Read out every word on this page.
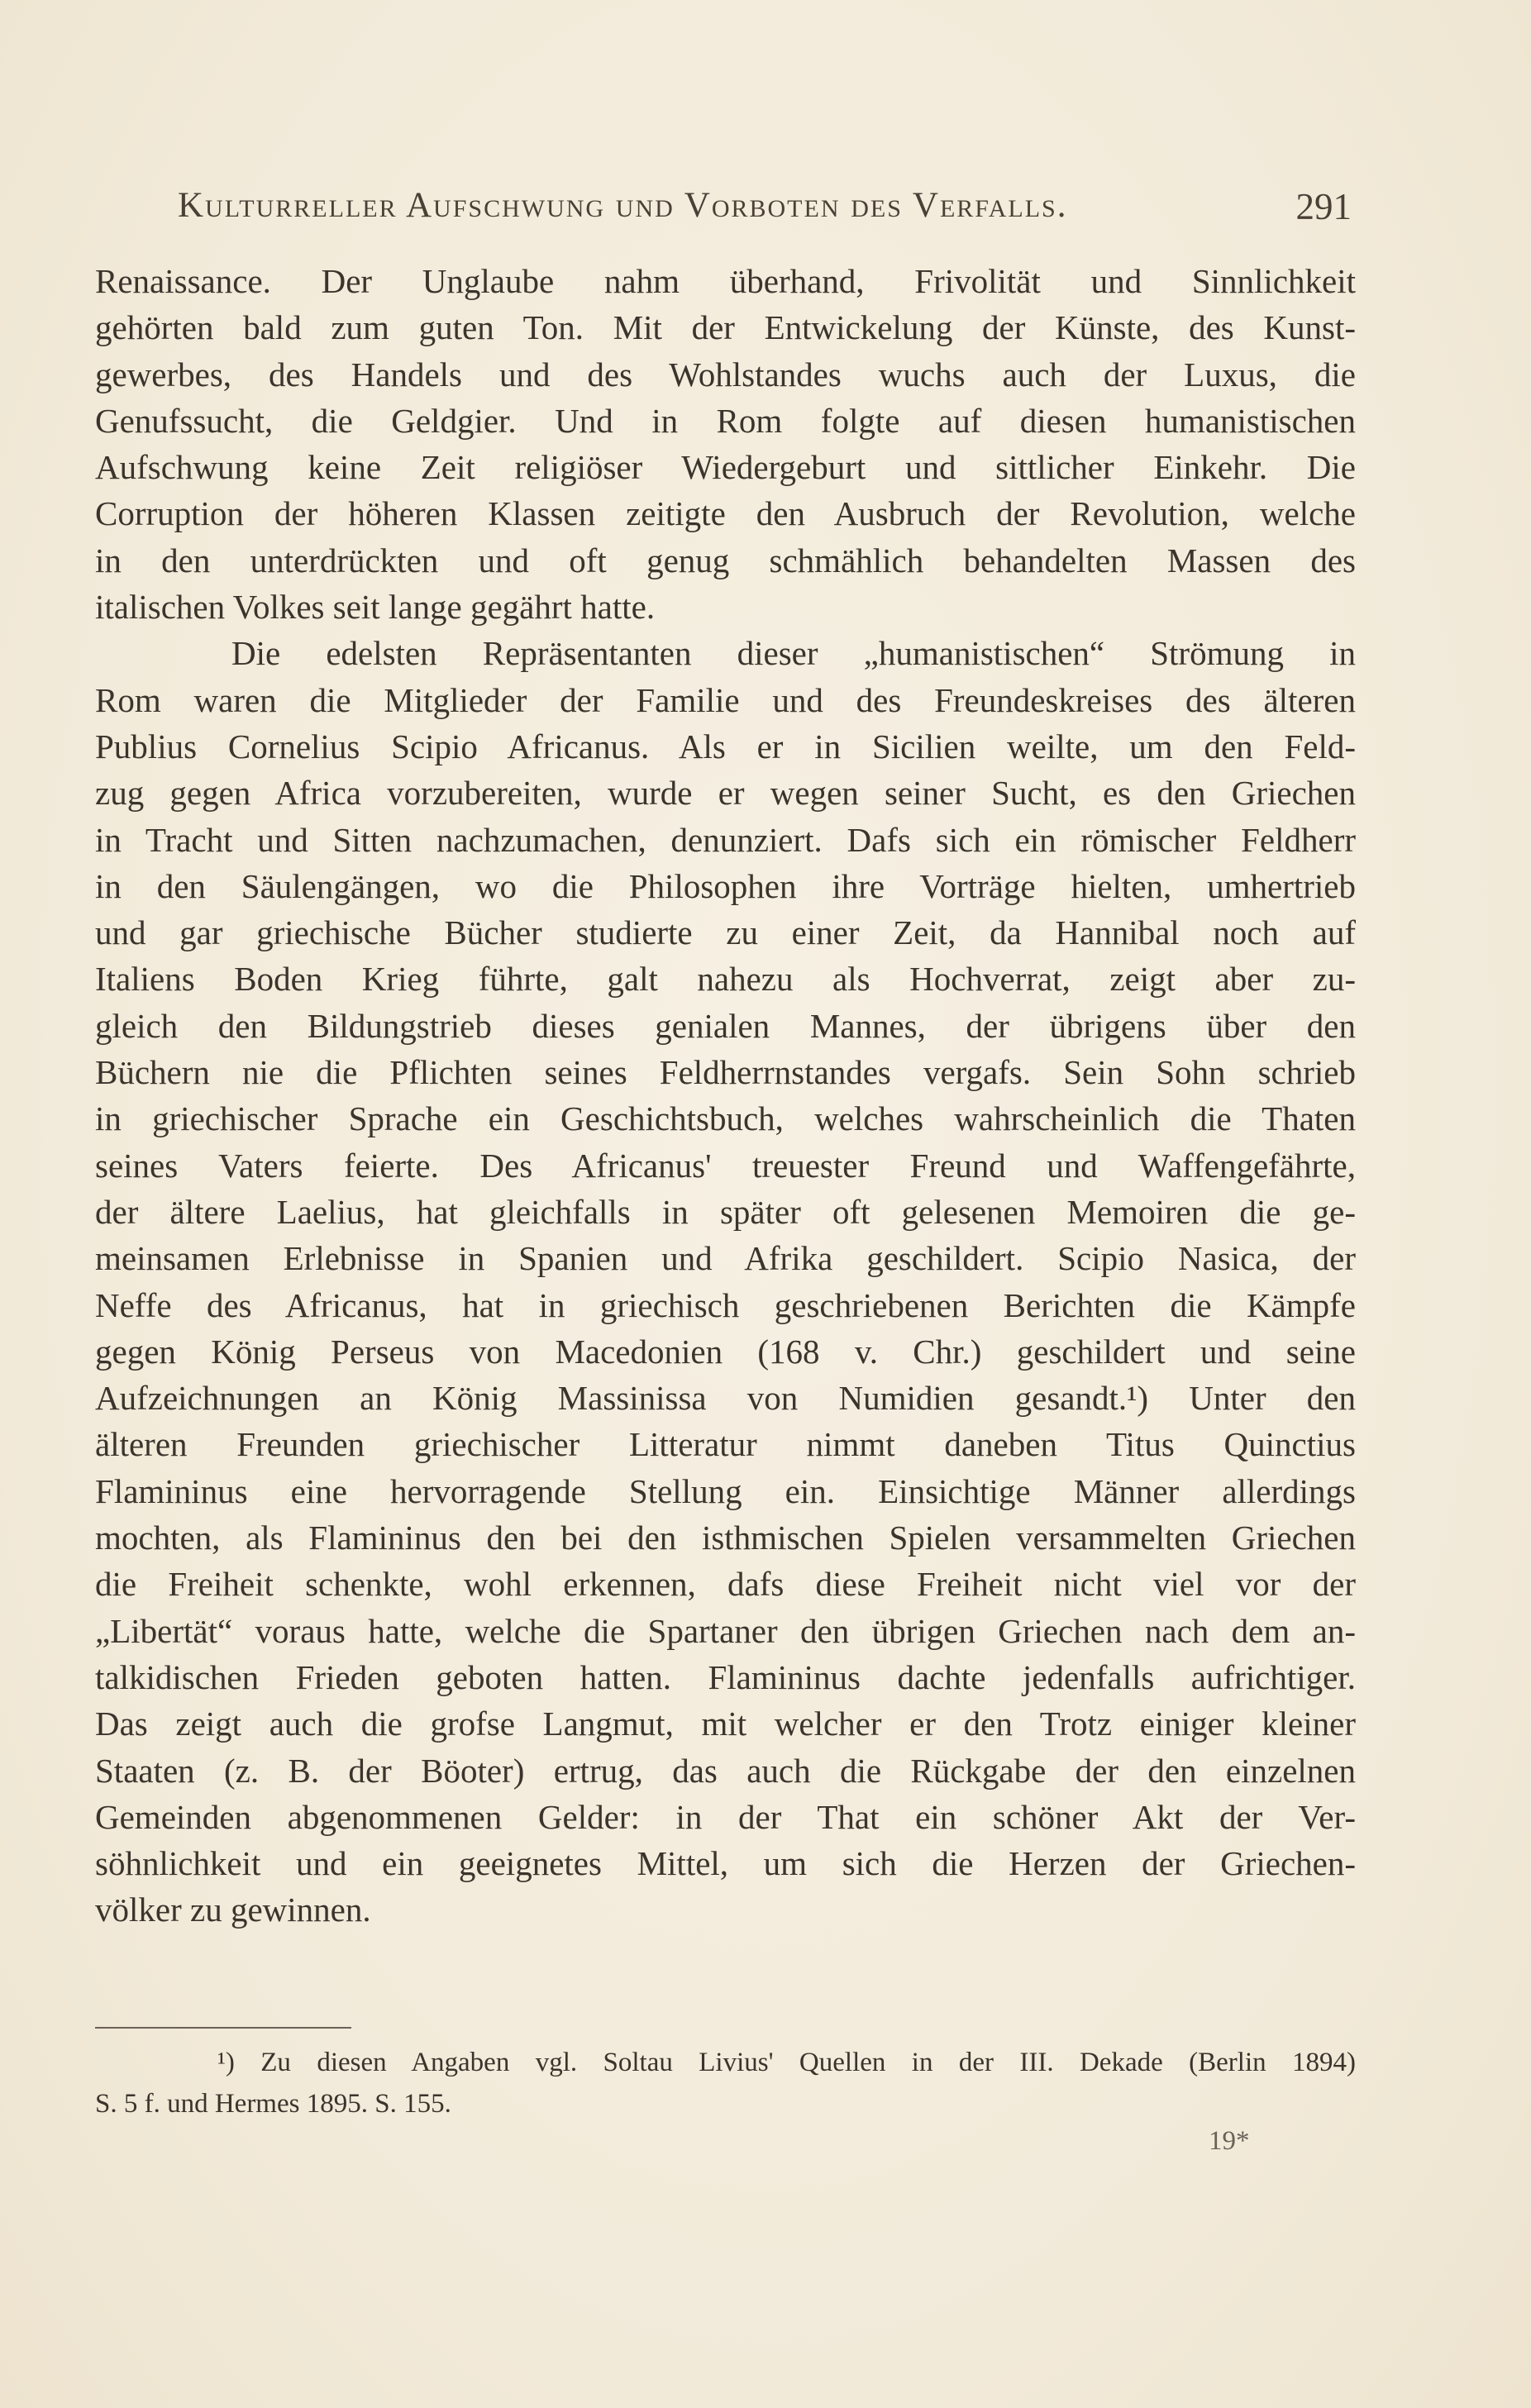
Kulturreller Aufschwung und Vorboten des Verfalls.	291
Renaissance. Der Unglaube nahm überhand, Frivolität und Sinnlichkeit
gehörten bald zum guten Ton. Mit der Entwickelung der Künste, des Kunst-
gewerbes, des Handels und des Wohlstandes wuchs auch der Luxus, die
Genufssucht, die Geldgier. Und in Rom folgte auf diesen humanistischen
Aufschwung keine Zeit religiöser Wiedergeburt und sittlicher Einkehr. Die
Corruption der höheren Klassen zeitigte den Ausbruch der Revolution, welche
in den unterdrückten und oft genug schmählich behandelten Massen des
italischen Volkes seit lange gegährt hatte.
Die edelsten Repräsentanten dieser „humanistischen“ Strömung in
Rom waren die Mitglieder der Familie und des Freundeskreises des älteren
Publius Cornelius Scipio Africanus. Als er in Sicilien weilte, um den Feld-
zug gegen Africa vorzubereiten, wurde er wegen seiner Sucht, es den Griechen
in Tracht und Sitten nachzumachen, denunziert. Dafs sich ein römischer Feldherr
in den Säulengängen, wo die Philosophen ihre Vorträge hielten, umhertrieb
und gar griechische Bücher studierte zu einer Zeit, da Hannibal noch auf
Italiens Boden Krieg führte, galt nahezu als Hochverrat, zeigt aber zu-
gleich den Bildungstrieb dieses genialen Mannes, der übrigens über den
Büchern nie die Pflichten seines Feldherrnstandes vergafs. Sein Sohn schrieb
in griechischer Sprache ein Geschichtsbuch, welches wahrscheinlich die Thaten
seines Vaters feierte. Des Africanus' treuester Freund und Waffengefährte,
der ältere Laelius, hat gleichfalls in später oft gelesenen Memoiren die ge-
meinsamen Erlebnisse in Spanien und Afrika geschildert. Scipio Nasica, der
Neffe des Africanus, hat in griechisch geschriebenen Berichten die Kämpfe
gegen König Perseus von Macedonien (168 v. Chr.) geschildert und seine
Aufzeichnungen an König Massinissa von Numidien gesandt.¹) Unter den
älteren Freunden griechischer Litteratur nimmt daneben Titus Quinctius
Flamininus eine hervorragende Stellung ein. Einsichtige Männer allerdings
mochten, als Flamininus den bei den isthmischen Spielen versammelten Griechen
die Freiheit schenkte, wohl erkennen, dafs diese Freiheit nicht viel vor der
„Libertät“ voraus hatte, welche die Spartaner den übrigen Griechen nach dem an-
talkidischen Frieden geboten hatten. Flamininus dachte jedenfalls aufrichtiger.
Das zeigt auch die grofse Langmut, mit welcher er den Trotz einiger kleiner
Staaten (z. B. der Böoter) ertrug, das auch die Rückgabe der den einzelnen
Gemeinden abgenommenen Gelder: in der That ein schöner Akt der Ver-
söhnlichkeit und ein geeignetes Mittel, um sich die Herzen der Griechen-
völker zu gewinnen.
¹) Zu diesen Angaben vgl. Soltau Livius' Quellen in der III. Dekade (Berlin 1894)
S. 5 f. und Hermes 1895. S. 155.
19*
